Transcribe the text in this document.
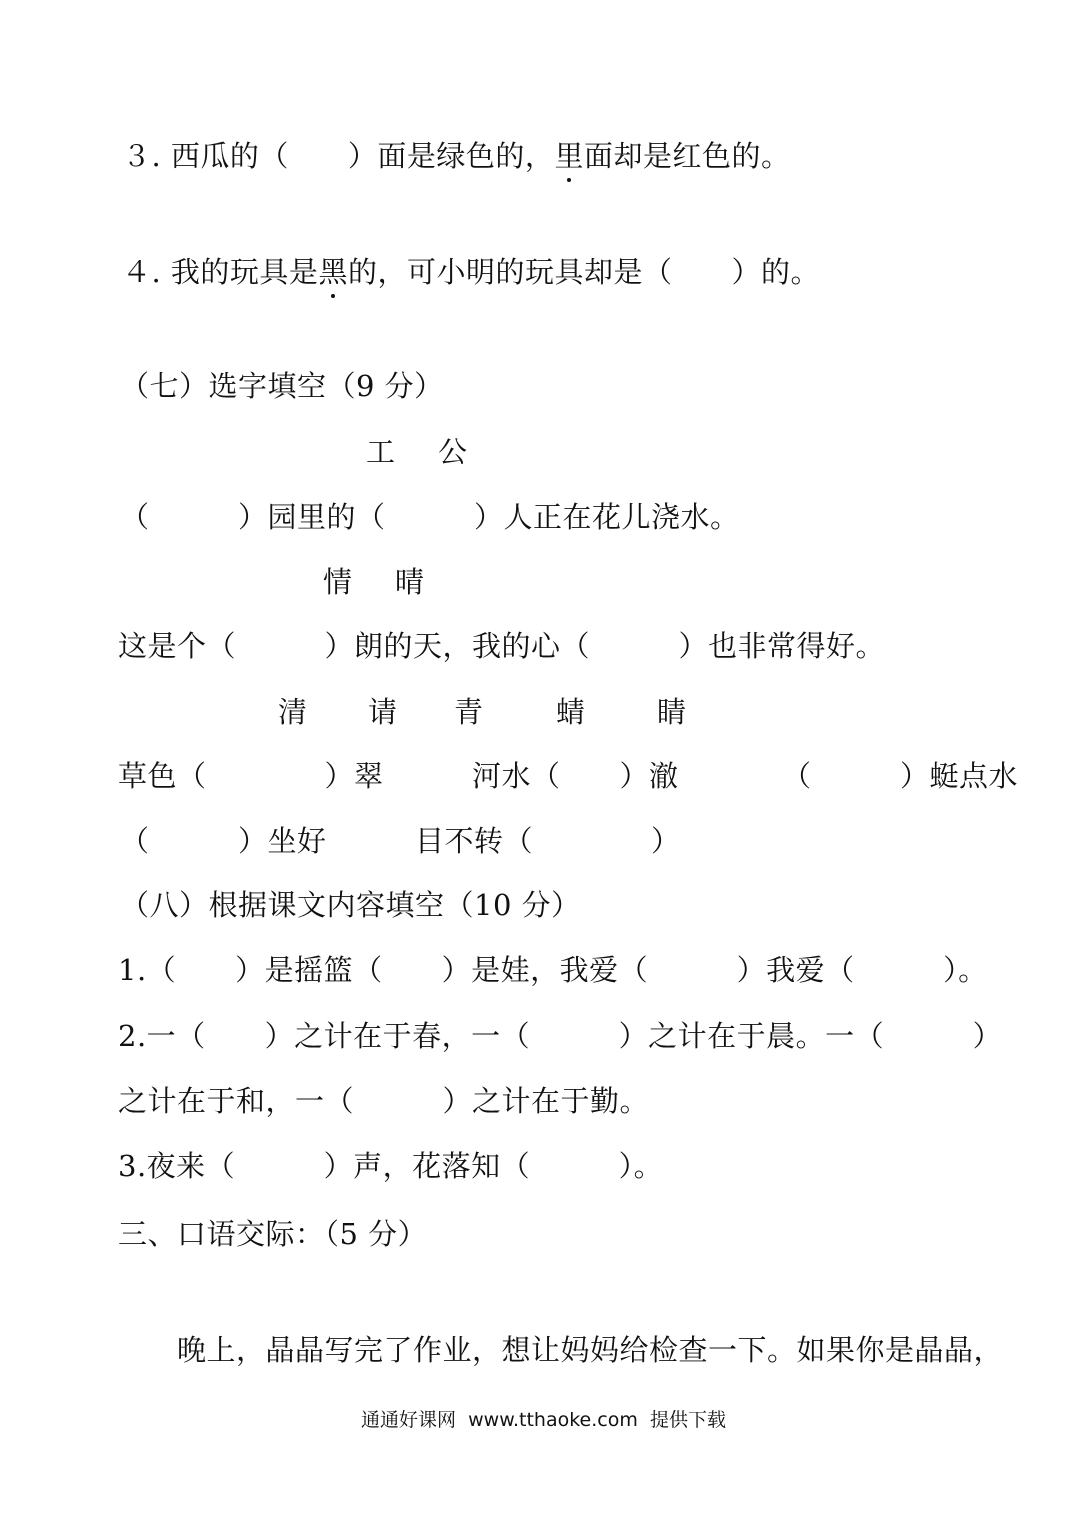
３. 西瓜的（　　）面是绿色的，里面却是红色的。
４. 我的玩具是黑的，可小明的玩具却是（　　）的。
（七）选字填空（9 分）
工 公
（　　　）园里的（　　　）人正在花儿浇水。
情 晴
这是个（　　　）朗的天，我的心（　　　）也非常得好。
清 请 青	蜻 睛
草色（　　　　）翠　　　河水（　　）澈　　　　（　　　）蜓点水
（　　　）坐好　　　目不转（　　　　）
（八）根据课文内容填空（10 分）
1.（　　）是摇篮（　　）是娃，我爱（　　　）我爱（　　　）。
2.一（　　）之计在于春，一（　　　）之计在于晨。一（　　　）
之计在于和，一（　　　）之计在于勤。
3.夜来（　　　）声，花落知（　　　）。
三、口语交际：（5 分）
　　晚上，晶晶写完了作业，想让妈妈给检查一下。如果你是晶晶，
通通好课网  www.tthaoke.com  提供下载
